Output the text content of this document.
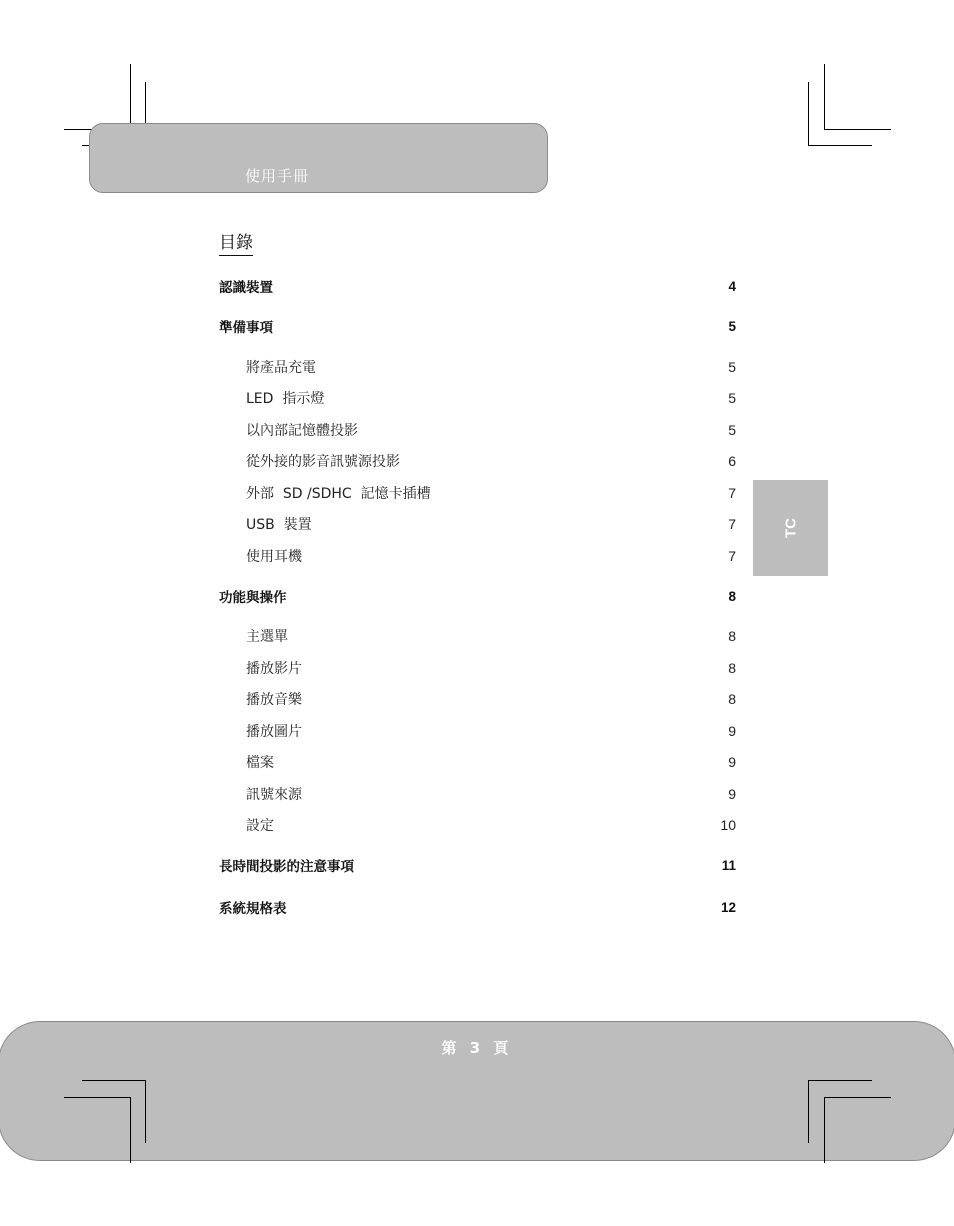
使用手冊
目錄
認識裝置	4
準備事項	5
將產品充電	5
LED  指示燈	5
以內部記憶體投影	5
從外接的影音訊號源投影	6
外部  SD /SDHC  記憶卡插槽	7
USB  裝置	7
使用耳機	7
功能與操作	8
主選單	8
播放影片	8
播放音樂	8
播放圖片	9
檔案	9
訊號來源	9
設定	10
長時間投影的注意事項	11
系統規格表	12
TC
第 3 頁
